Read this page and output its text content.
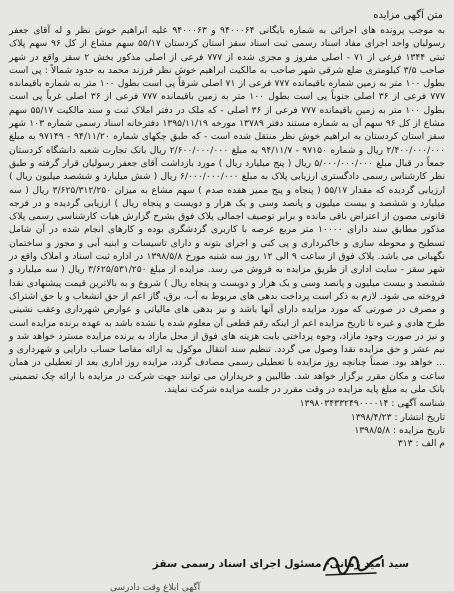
متن آگهی مزایده

به موجب پرونده های اجرائی به شماره بایگانی ۹۴۰۰۰۶۴ و ۹۴۰۰۰۶۳ علیه ابراهیم خوش نظر و له آقای جعفر رسولیان واحد اجرای مفاد اسناد رسمی ثبت اسناد سقز استان کردستان ۵۵/۱۷ سهم مشاع از کل ۹۶ سهم پلاک ثبتی ۱۳۴۴ فرعی از ۷۱ - اصلی مفروز و مجزی شده از ۷۷۷ فرعی از اصلی مذکور بخش ۲ سقز واقع در شهر صاحب ۳/۵ کیلومتری ضلع شرقی شهر صاحب به مالکیت ابراهیم خوش نظر فرزند محمد به حدود شمالاً : پی است بطول ۱۰۰ متر به زمین شماره باقیمانده ۷۷۷ فرعی از ۷۱ اصلی شرقاً پی است بطول ۱۰۰ متر به شماره باقیمانده ۷۷۷ فرعی از ۳۶ اصلی جنوباً پی است بطول ۱۰۰ متر به زمین باقیمانده ۷۷۷ فرعی از ۳۶ اصلی غرباً پی است بطول ۱۰۰ متر به زمین باقیمانده ۷۷۷ فرعی از ۳۶ اصلی - که ملک در دفتر املاک ثبت و سند مالکیت ۵۵/۱۷ سهم مشاع از کل ۹۶ سهم آن به شماره مستند دفتر ۱۳۷۸۹ مورخه ۱۳۹۵/۱۱/۱۹ دفترخانه اسناد رسمی شماره ۱۰۳ شهر سقز استان کردستان به ابراهیم خوش نظر منتقل شده است - که طبق چکهای شماره ۹۴/۱۱/۲۰ - ۹۷۱۴۹ به مبلغ ۲/۴۰۰/۰۰۰/۰۰۰ ریال و شماره ۹۷۱۵۰ - ۹۴/۱۱/۷ به مبلغ ۲/۶۰۰/۰۰۰/۰۰۰ ریال بانک تجارت شعبه دانشگاه کردستان جمعاً در قبال مبلغ ۵/۰۰۰/۰۰۰/۰۰۰ ریال ( پنج میلیارد ریال ) مورد بازداشت آقای جعفر رسولیان قرار گرفته و طبق نظر کارشناس رسمی دادگستری ارزیابی پلاک به مبلغ ۶/۰۰۰/۰۰۰/۰۰۰ ریال ( شش میلیارد و ششصد میلیون ریال ) ارزیابی گردیده که مقدار ۵۵/۱۷ ( پنجاه و پنج ممیز هفده صدم ) سهم مشاع به میزان ۳/۶۲۵/۳۱۲/۲۵۰ ریال ( سه میلیارد و ششصد و بیست میلیون و پانصد وسی و یک هزار و دویست و پنجاه ریال ) ارزیابی گردیده و در فرجه قانونی مصون از اعتراض باقی مانده و برابر توصیف اجمالی پلاک فوق بشرح گزارش هیات کارشناسی رسمی پلاک مذکور مطابق سند دارای ۱۰۰۰۰ متر مربع عرصه با کاربری گردشگری بوده و کارهای انجام شده در آن شامل تسطیح و محوطه سازی و خاکبرداری و پی کنی و اجرای بتونه و دارای تاسیسات و ابنیه آبی و مجوز و ساختمان نگهبانی می باشد. پلاک فوق از ساعت ۹ الی ۱۲ روز سه شنبه مورخ ۱۳۹۸/۵/۸ در اداره ثبت اسناد و املاک واقع در شهر سقز - سایت اداری از طریق مزایده به فروش می رسد. مزایده از مبلغ ۳/۶۲۵/۵۳۱/۲۵۰ ریال ( سه میلیارد و ششصد و بیست میلیون و پانصد وسی و یک هزار و دویست و پنجاه ریال ) شروع و به بالاترین قیمت پیشنهادی نقدا فروخته می شود. لازم به ذکر است پرداخت بدهی های مربوط به آب، برق، گاز اعم از حق انشعاب و یا حق اشتراک و مصرف در صورتی که مورد مزایده دارای آنها باشد و نیز بدهی های مالیاتی و عوارض شهرداری وعقب نشینی طرح هادی و غیره تا تاریخ مزایده اعم از اینکه رقم قطعی آن معلوم شده یا نشده باشد به عهده برنده مزایده است و نیز در صورت وجود مازاد، وجوه پرداختی بابت هزینه های فوق از محل مازاد به برنده مزایده مسترد خواهد شد و نیم عشر و حق مزایده نقدا وصول می گردد. تنظیم سند انتقال موکول به ارائه مفاصا حساب دارایی و شهرداری و ... خواهد بود. ضمناً چنانچه روز مزایده با تعطیلی رسمی مصادف گردد، مزایده روز اداری بعد از تعطیلی در همان ساعت و مکان مقرر برگزار خواهد شد. طالبین و خریداران می توانند جهت شرکت در مزایده با ارائه چک تضمینی بانک ملی به مبلغ پایه مزایده در وقت مقرر در جلسه مزایده شرکت نمایند.

شناسه آگهی : ۱۳۹۸۰۳۴۳۳۲۴۹۰۰۰۰۱۴
تاریخ انتشار : ۱۳۹۸/۴/۲۳
تاریخ مزایده : ۱۳۹۸/۵/۸
م الف : ۳۱۳
سید امید زمانی- مسئول اجرای اسناد رسمی سقز
آگهی ابلاغ وقت دادرسی
